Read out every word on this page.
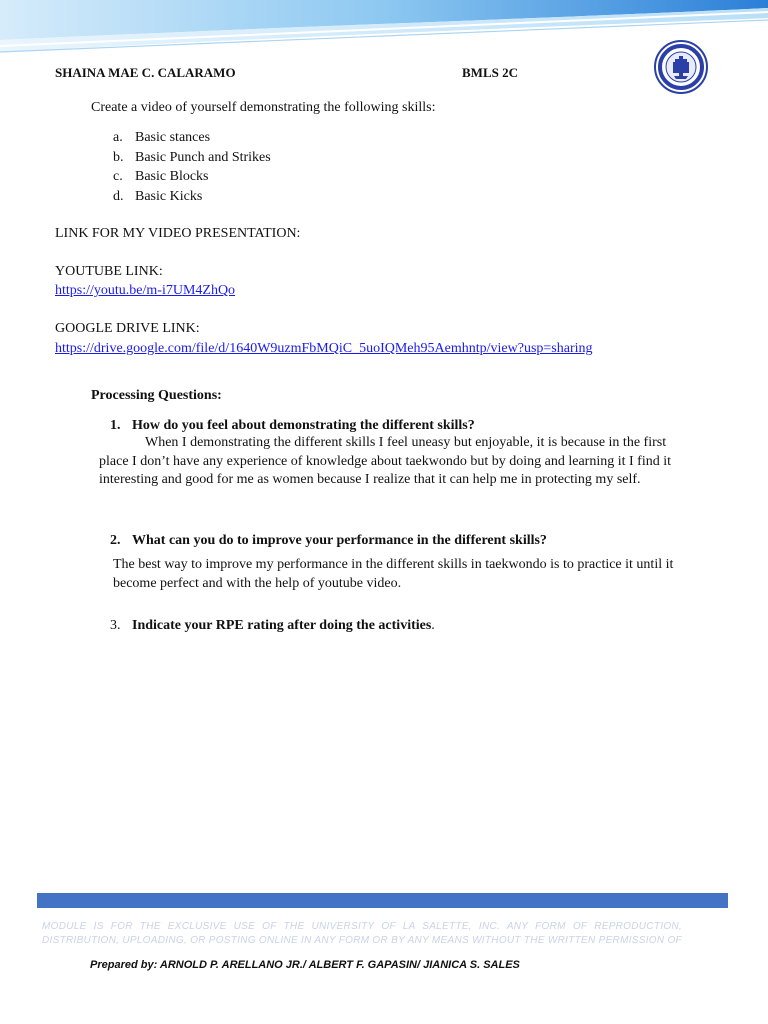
SHAINA MAE C. CALARAMO	BMLS 2C
Create a video of yourself demonstrating the following skills:
a. Basic stances
b. Basic Punch and Strikes
c. Basic Blocks
d. Basic Kicks
LINK FOR MY VIDEO PRESENTATION:
YOUTUBE LINK:
https://youtu.be/m-i7UM4ZhQo
GOOGLE DRIVE LINK:
https://drive.google.com/file/d/1640W9uzmFbMQiC_5uoIQMeh95Aemhntp/view?usp=sharing
Processing Questions:
1. How do you feel about demonstrating the different skills?
When I demonstrating the different skills I feel uneasy but enjoyable, it is because in the first place I don’t have any experience of knowledge about taekwondo but by doing and learning it I find it interesting and good for me as women because I realize that it can help me in protecting my self.
2. What can you do to improve your performance in the different skills?
The best way to improve my performance in the different skills in taekwondo is to practice it until it become perfect and with the help of youtube video.
3. Indicate your RPE rating after doing the activities.
MODULE IS FOR THE EXCLUSIVE USE OF THE UNIVERSITY OF LA SALETTE, INC. ANY FORM OF REPRODUCTION, DISTRIBUTION, UPLOADING, OR POSTING ONLINE IN ANY FORM OR BY ANY MEANS WITHOUT THE WRITTEN PERMISSION OF
Prepared by: ARNOLD P. ARELLANO JR./ ALBERT F. GAPASIN/ JIANICA S. SALES
